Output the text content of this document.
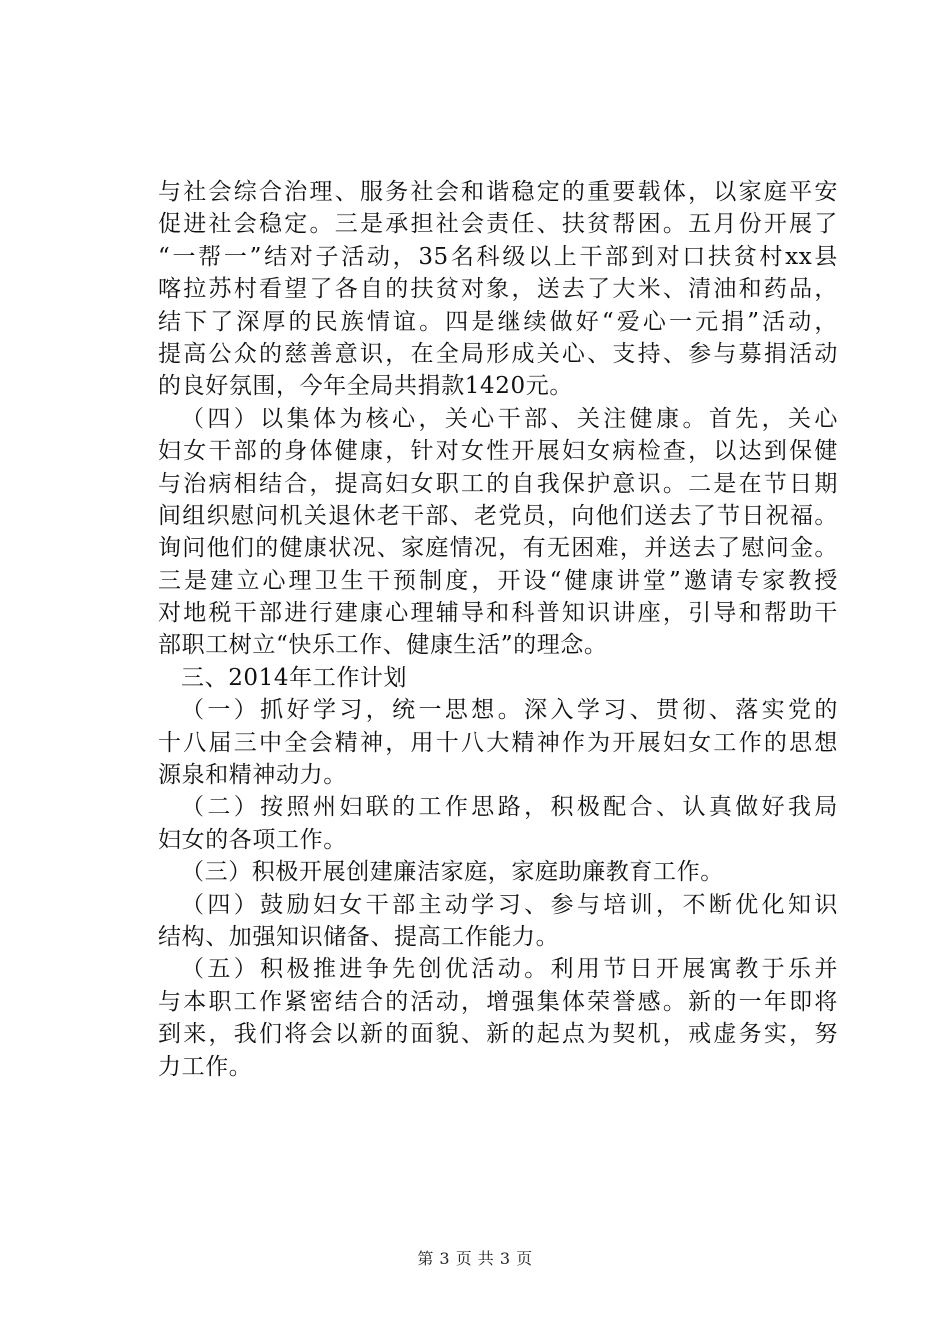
与社会综合治理、服务社会和谐稳定的重要载体，以家庭平安
促进社会稳定。三是承担社会责任、扶贫帮困。五月份开展了
“一帮一”结对子活动，35名科级以上干部到对口扶贫村xx县
喀拉苏村看望了各自的扶贫对象，送去了大米、清油和药品，
结下了深厚的民族情谊。四是继续做好“爱心一元捐”活动，
提高公众的慈善意识，在全局形成关心、支持、参与募捐活动
的良好氛围，今年全局共捐款1420元。
（四）以集体为核心，关心干部、关注健康。首先，关心
妇女干部的身体健康，针对女性开展妇女病检查，以达到保健
与治病相结合，提高妇女职工的自我保护意识。二是在节日期
间组织慰问机关退休老干部、老党员，向他们送去了节日祝福。
询问他们的健康状况、家庭情况，有无困难，并送去了慰问金。
三是建立心理卫生干预制度，开设“健康讲堂”邀请专家教授
对地税干部进行建康心理辅导和科普知识讲座，引导和帮助干
部职工树立“快乐工作、健康生活”的理念。
三、2014年工作计划
（一）抓好学习，统一思想。深入学习、贯彻、落实党的
十八届三中全会精神，用十八大精神作为开展妇女工作的思想
源泉和精神动力。
（二）按照州妇联的工作思路，积极配合、认真做好我局
妇女的各项工作。
（三）积极开展创建廉洁家庭，家庭助廉教育工作。
（四）鼓励妇女干部主动学习、参与培训，不断优化知识
结构、加强知识储备、提高工作能力。
（五）积极推进争先创优活动。利用节日开展寓教于乐并
与本职工作紧密结合的活动，增强集体荣誉感。新的一年即将
到来，我们将会以新的面貌、新的起点为契机，戒虚务实，努
力工作。
第 3 页 共 3 页
